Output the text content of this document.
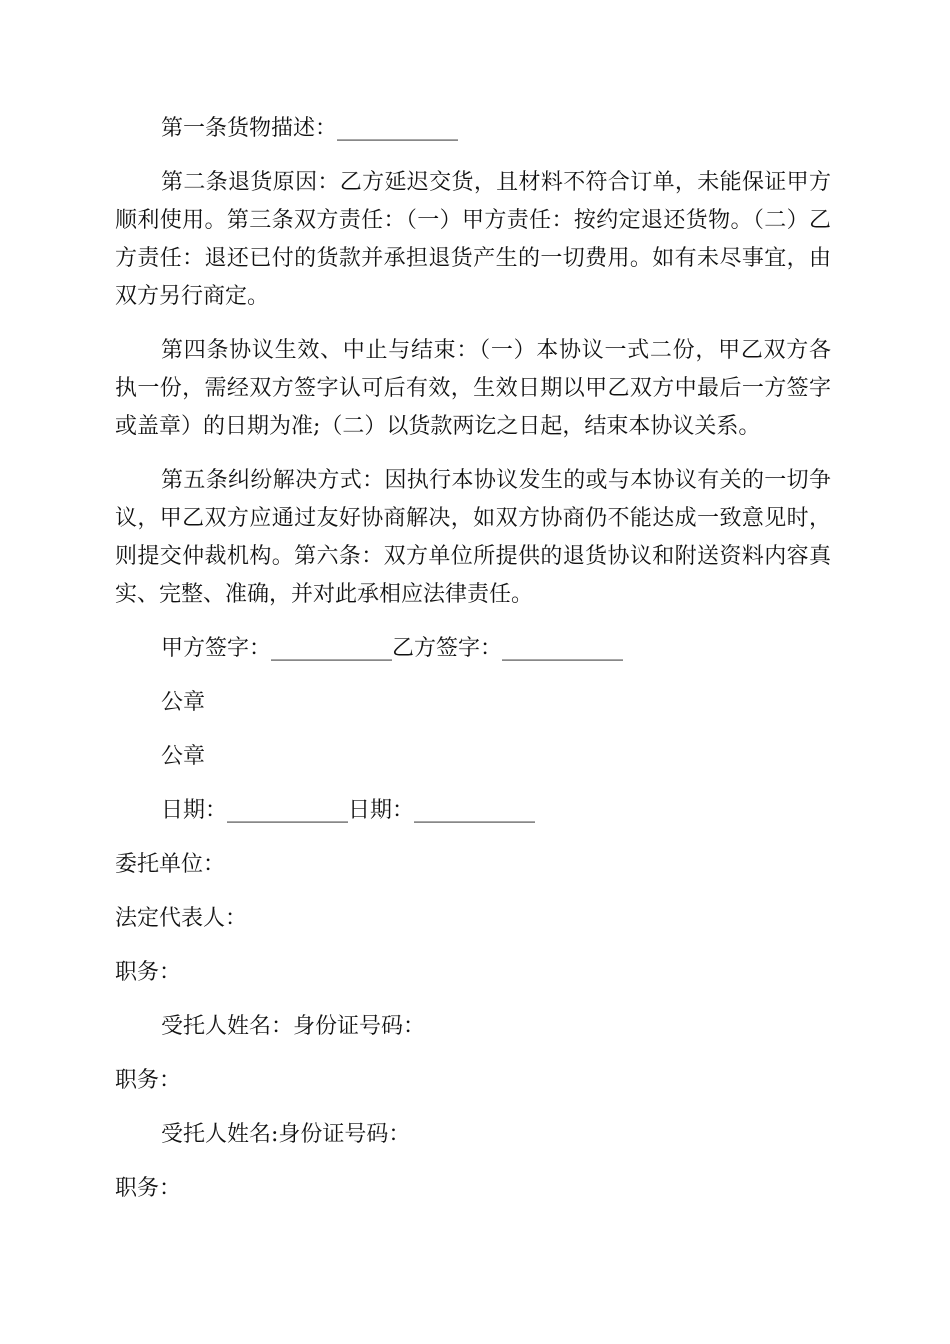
第一条货物描述：___________

第二条退货原因：乙方延迟交货，且材料不符合订单，未能保证甲方顺利使用。第三条双方责任：（一）甲方责任：按约定退还货物。（二）乙方责任：退还已付的货款并承担退货产生的一切费用。如有未尽事宜，由双方另行商定。

第四条协议生效、中止与结束：（一）本协议一式二份，甲乙双方各执一份，需经双方签字认可后有效，生效日期以甲乙双方中最后一方签字或盖章）的日期为准;（二）以货款两讫之日起，结束本协议关系。

第五条纠纷解决方式：因执行本协议发生的或与本协议有关的一切争议，甲乙双方应通过友好协商解决，如双方协商仍不能达成一致意见时，则提交仲裁机构。第六条：双方单位所提供的退货协议和附送资料内容真实、完整、准确，并对此承相应法律责任。

甲方签字：___________乙方签字：___________

公章

公章

日期：___________日期：___________

委托单位：

法定代表人：

职务：

受托人姓名：身份证号码：

职务：

受托人姓名:身份证号码：

职务：
